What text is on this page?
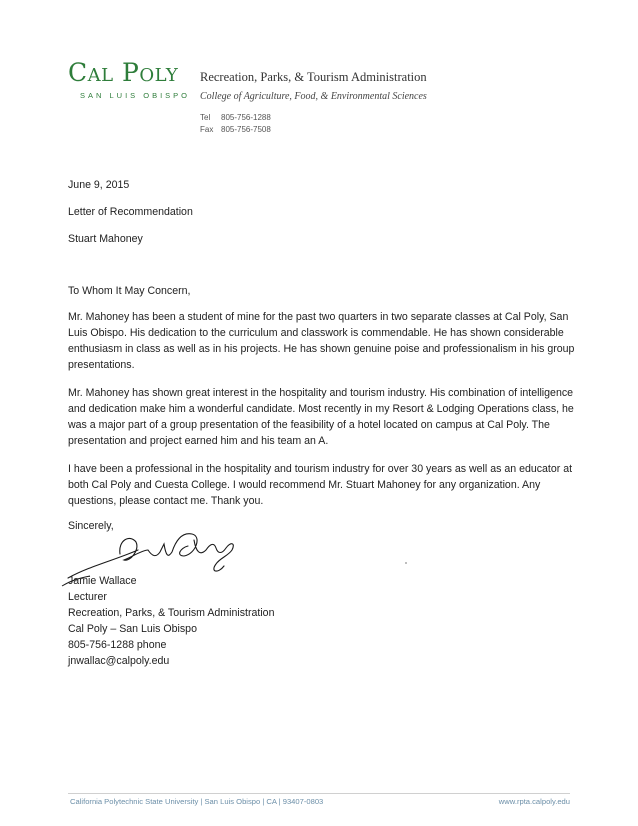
Cal Poly
SAN LUIS OBISPO
Recreation, Parks, & Tourism Administration
College of Agriculture, Food, & Environmental Sciences
Tel 805-756-1288
Fax 805-756-7508
June 9, 2015
Letter of Recommendation
Stuart Mahoney
To Whom It May Concern,
Mr. Mahoney has been a student of mine for the past two quarters in two separate classes at Cal Poly, San Luis Obispo. His dedication to the curriculum and classwork is commendable. He has shown considerable enthusiasm in class as well as in his projects. He has shown genuine poise and professionalism in his group presentations.
Mr. Mahoney has shown great interest in the hospitality and tourism industry. His combination of intelligence and dedication make him a wonderful candidate. Most recently in my Resort & Lodging Operations class, he was a major part of a group presentation of the feasibility of a hotel located on campus at Cal Poly. The presentation and project earned him and his team an A.
I have been a professional in the hospitality and tourism industry for over 30 years as well as an educator at both Cal Poly and Cuesta College. I would recommend Mr. Stuart Mahoney for any organization. Any questions, please contact me. Thank you.
Sincerely,
Jamie Wallace
Lecturer
Recreation, Parks, & Tourism Administration
Cal Poly – San Luis Obispo
805-756-1288 phone
jnwallac@calpoly.edu
California Polytechnic State University | San Luis Obispo | CA | 93407-0803	www.rpta.calpoly.edu
